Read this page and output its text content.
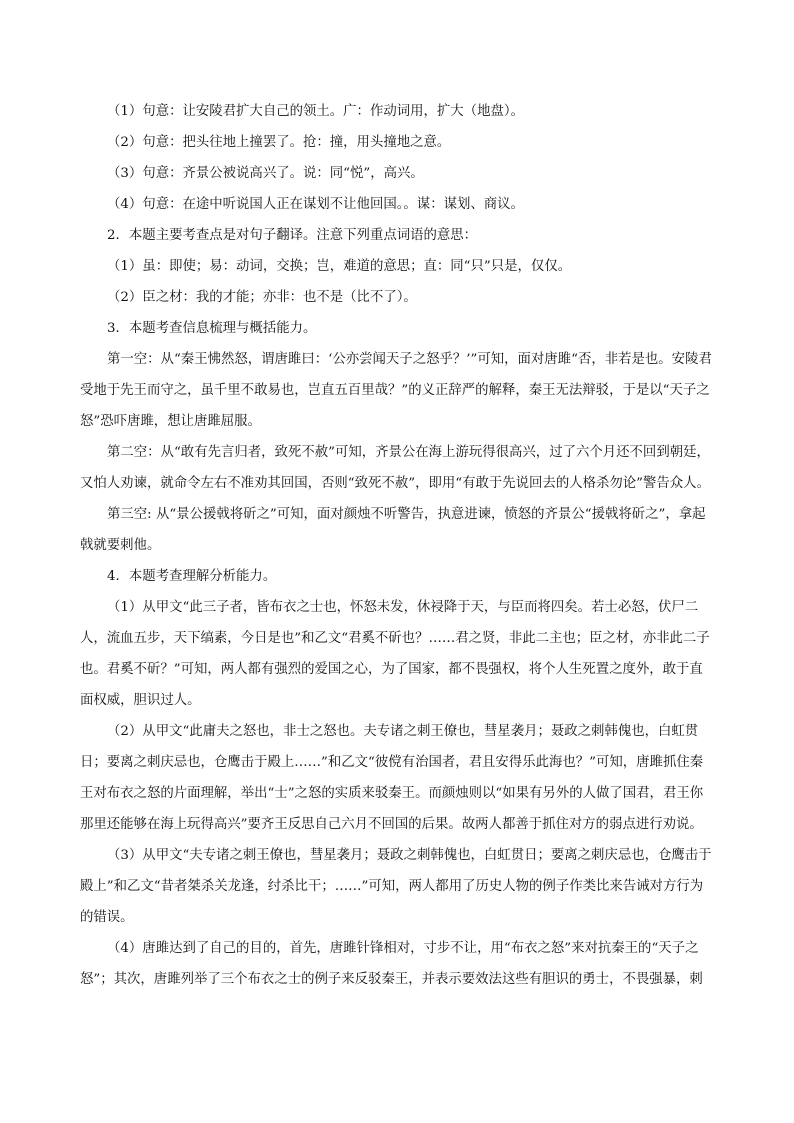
（1）句意：让安陵君扩大自己的领土。广：作动词用，扩大（地盘）。

（2）句意：把头往地上撞罢了。抢：撞，用头撞地之意。

（3）句意：齐景公被说高兴了。说：同“悦”，高兴。

（4）句意：在途中听说国人正在谋划不让他回国。。谋：谋划、商议。

2．本题主要考查点是对句子翻译。注意下列重点词语的意思：

（1）虽：即使；易：动词，交换；岂，难道的意思；直：同“只”只是，仅仅。

（2）臣之材：我的才能；亦非：也不是（比不了）。

3．本题考查信息梳理与概括能力。

第一空：从“秦王怫然怒，谓唐雎曰：‘公亦尝闻天子之怒乎？’”可知，面对唐雎“否，非若是也。安陵君受地于先王而守之，虽千里不敢易也，岂直五百里哉？”的义正辞严的解释，秦王无法辩驳，于是以“天子之怒”恐吓唐雎，想让唐雎屈服。

第二空：从“敢有先言归者，致死不赦”可知，齐景公在海上游玩得很高兴，过了六个月还不回到朝廷，又怕人劝谏，就命令左右不准劝其回国，否则“致死不赦”，即用“有敢于先说回去的人格杀勿论”警告众人。

第三空: 从“景公援戟将斫之”可知，面对颜烛不听警告，执意进谏，愤怒的齐景公“援戟将斫之”，拿起戟就要刺他。

4．本题考查理解分析能力。

（1）从甲文“此三子者，皆布衣之士也，怀怒未发，休祲降于天，与臣而将四矣。若士必怒，伏尸二人，流血五步，天下缟素，今日是也”和乙文“君奚不斫也？……君之贤，非此二主也；臣之材，亦非此二子也。君奚不斫？”可知，两人都有强烈的爱国之心，为了国家，都不畏强权，将个人生死置之度外，敢于直面权威，胆识过人。

（2）从甲文“此庸夫之怒也，非士之怒也。夫专诸之刺王僚也，彗星袭月；聂政之刺韩傀也，白虹贯日；要离之刺庆忌也，仓鹰击于殿上……”和乙文“彼傥有治国者，君且安得乐此海也？”可知，唐雎抓住秦王对布衣之怒的片面理解，举出“士”之怒的实质来驳秦王。而颜烛则以“如果有另外的人做了国君，君王你那里还能够在海上玩得高兴”要齐王反思自己六月不回国的后果。故两人都善于抓住对方的弱点进行劝说。

（3）从甲文“夫专诸之刺王僚也，彗星袭月；聂政之刺韩傀也，白虹贯日；要离之刺庆忌也，仓鹰击于殿上”和乙文“昔者桀杀关龙逢，纣杀比干；……”可知，两人都用了历史人物的例子作类比来告诫对方行为的错误。

（4）唐雎达到了自己的目的，首先，唐雎针锋相对，寸步不让，用“布衣之怒”来对抗秦王的“天子之怒”；其次，唐雎列举了三个布衣之士的例子来反驳秦王，并表示要效法这些有胆识的勇士，不畏强暴，刺
